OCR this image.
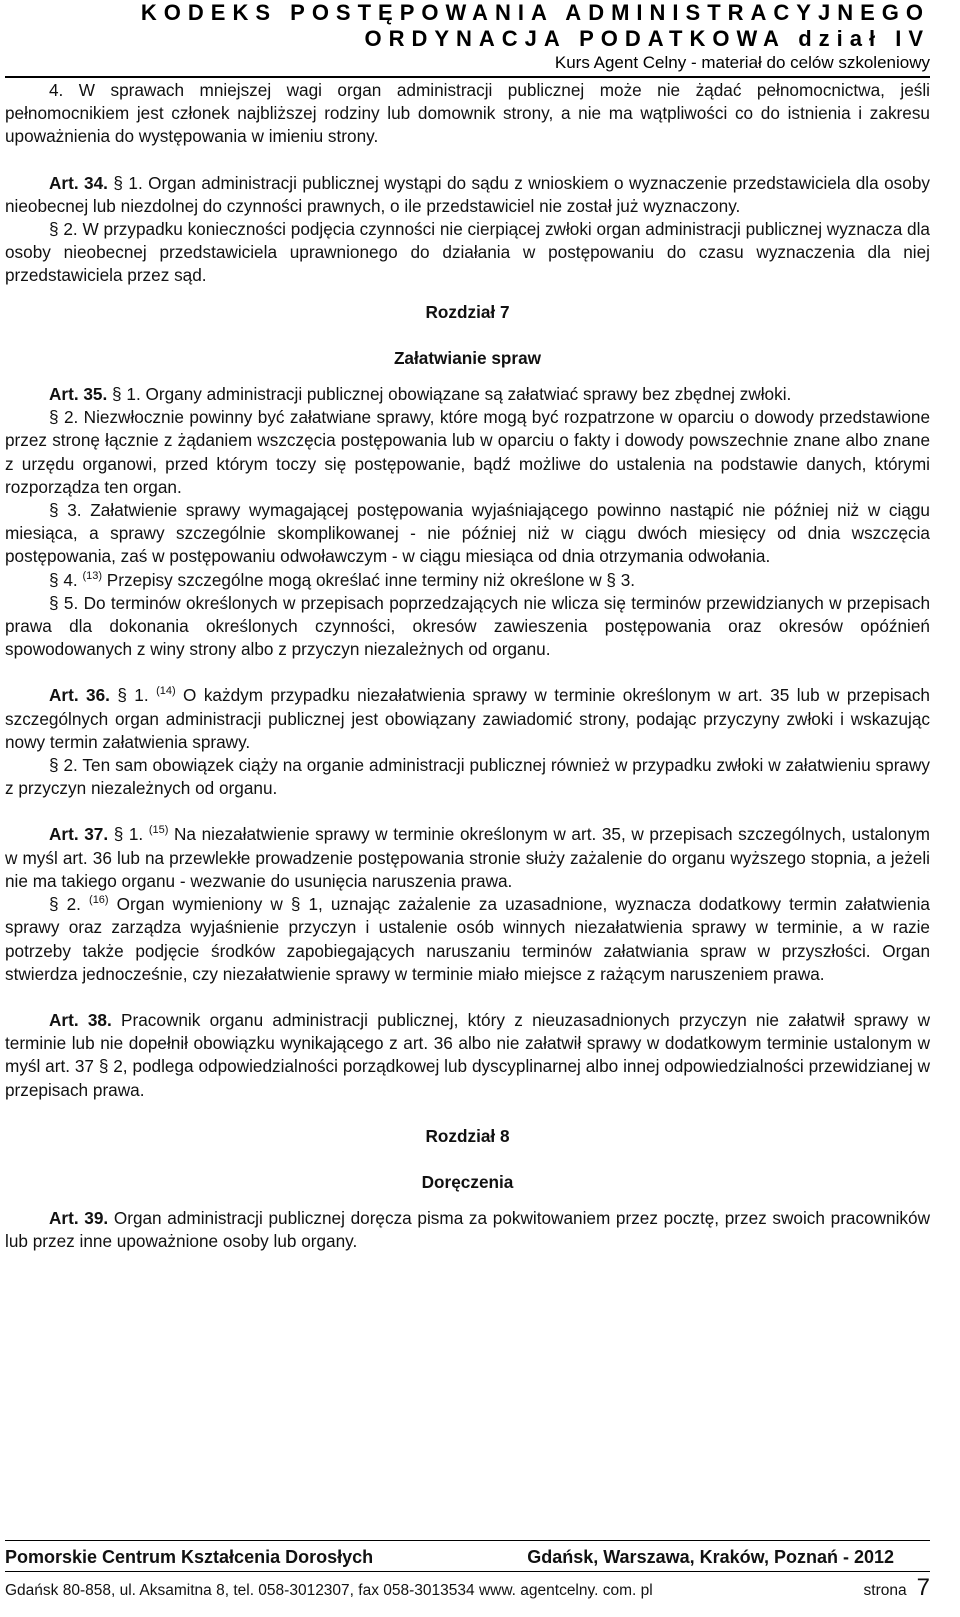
KODEKS POSTĘPOWANIA ADMINISTRACYJNEGO
ORDYNACJA PODATKOWA dział IV
Kurs Agent Celny - materiał do celów szkoleniowy

4. W sprawach mniejszej wagi organ administracji publicznej może nie żądać pełnomocnictwa, jeśli pełnomocnikiem jest członek najbliższej rodziny lub domownik strony, a nie ma wątpliwości co do istnienia i zakresu upoważnienia do występowania w imieniu strony.

Art. 34. § 1. Organ administracji publicznej wystąpi do sądu z wnioskiem o wyznaczenie przedstawiciela dla osoby nieobecnej lub niezdolnej do czynności prawnych, o ile przedstawiciel nie został już wyznaczony.

§ 2. W przypadku konieczności podjęcia czynności nie cierpiącej zwłoki organ administracji publicznej wyznacza dla osoby nieobecnej przedstawiciela uprawnionego do działania w postępowaniu do czasu wyznaczenia dla niej przedstawiciela przez sąd.

Rozdział 7

Załatwianie spraw

Art. 35. § 1. Organy administracji publicznej obowiązane są załatwiać sprawy bez zbędnej zwłoki.

§ 2. Niezwłocznie powinny być załatwiane sprawy, które mogą być rozpatrzone w oparciu o dowody przedstawione przez stronę łącznie z żądaniem wszczęcia postępowania lub w oparciu o fakty i dowody powszechnie znane albo znane z urzędu organowi, przed którym toczy się postępowanie, bądź możliwe do ustalenia na podstawie danych, którymi rozporządza ten organ.

§ 3. Załatwienie sprawy wymagającej postępowania wyjaśniającego powinno nastąpić nie później niż w ciągu miesiąca, a sprawy szczególnie skomplikowanej - nie później niż w ciągu dwóch miesięcy od dnia wszczęcia postępowania, zaś w postępowaniu odwoławczym - w ciągu miesiąca od dnia otrzymania odwołania.

§ 4. $^{(13)}$ Przepisy szczególne mogą określać inne terminy niż określone w § 3.

§ 5. Do terminów określonych w przepisach poprzedzających nie wlicza się terminów przewidzianych w przepisach prawa dla dokonania określonych czynności, okresów zawieszenia postępowania oraz okresów opóźnień spowodowanych z winy strony albo z przyczyn niezależnych od organu.

Art. 36. § 1. $^{(14)}$ O każdym przypadku niezałatwienia sprawy w terminie określonym w art. 35 lub w przepisach szczególnych organ administracji publicznej jest obowiązany zawiadomić strony, podając przyczyny zwłoki i wskazując nowy termin załatwienia sprawy.

§ 2. Ten sam obowiązek ciąży na organie administracji publicznej również w przypadku zwłoki w załatwieniu sprawy z przyczyn niezależnych od organu.

Art. 37. § 1. $^{(15)}$ Na niezałatwienie sprawy w terminie określonym w art. 35, w przepisach szczególnych, ustalonym w myśl art. 36 lub na przewlekłe prowadzenie postępowania stronie służy zażalenie do organu wyższego stopnia, a jeżeli nie ma takiego organu - wezwanie do usunięcia naruszenia prawa.

§ 2. $^{(16)}$ Organ wymieniony w § 1, uznając zażalenie za uzasadnione, wyznacza dodatkowy termin załatwienia sprawy oraz zarządza wyjaśnienie przyczyn i ustalenie osób winnych niezałatwienia sprawy w terminie, a w razie potrzeby także podjęcie środków zapobiegających naruszaniu terminów załatwiania spraw w przyszłości. Organ stwierdza jednocześnie, czy niezałatwienie sprawy w terminie miało miejsce z rażącym naruszeniem prawa.

Art. 38. Pracownik organu administracji publicznej, który z nieuzasadnionych przyczyn nie załatwił sprawy w terminie lub nie dopełnił obowiązku wynikającego z art. 36 albo nie załatwił sprawy w dodatkowym terminie ustalonym w myśl art. 37 § 2, podlega odpowiedzialności porządkowej lub dyscyplinarnej albo innej odpowiedzialności przewidzianej w przepisach prawa.

Rozdział 8

Doręczenia

Art. 39. Organ administracji publicznej doręcza pisma za pokwitowaniem przez pocztę, przez swoich pracowników lub przez inne upoważnione osoby lub organy.

Pomorskie Centrum Kształcenia Dorosłych	Gdańsk, Warszawa, Kraków, Poznań - 2012
Gdańsk 80-858, ul. Aksamitna 8, tel. 058-3012307, fax 058-3013534 www. agentcelny. com. pl	strona 7
